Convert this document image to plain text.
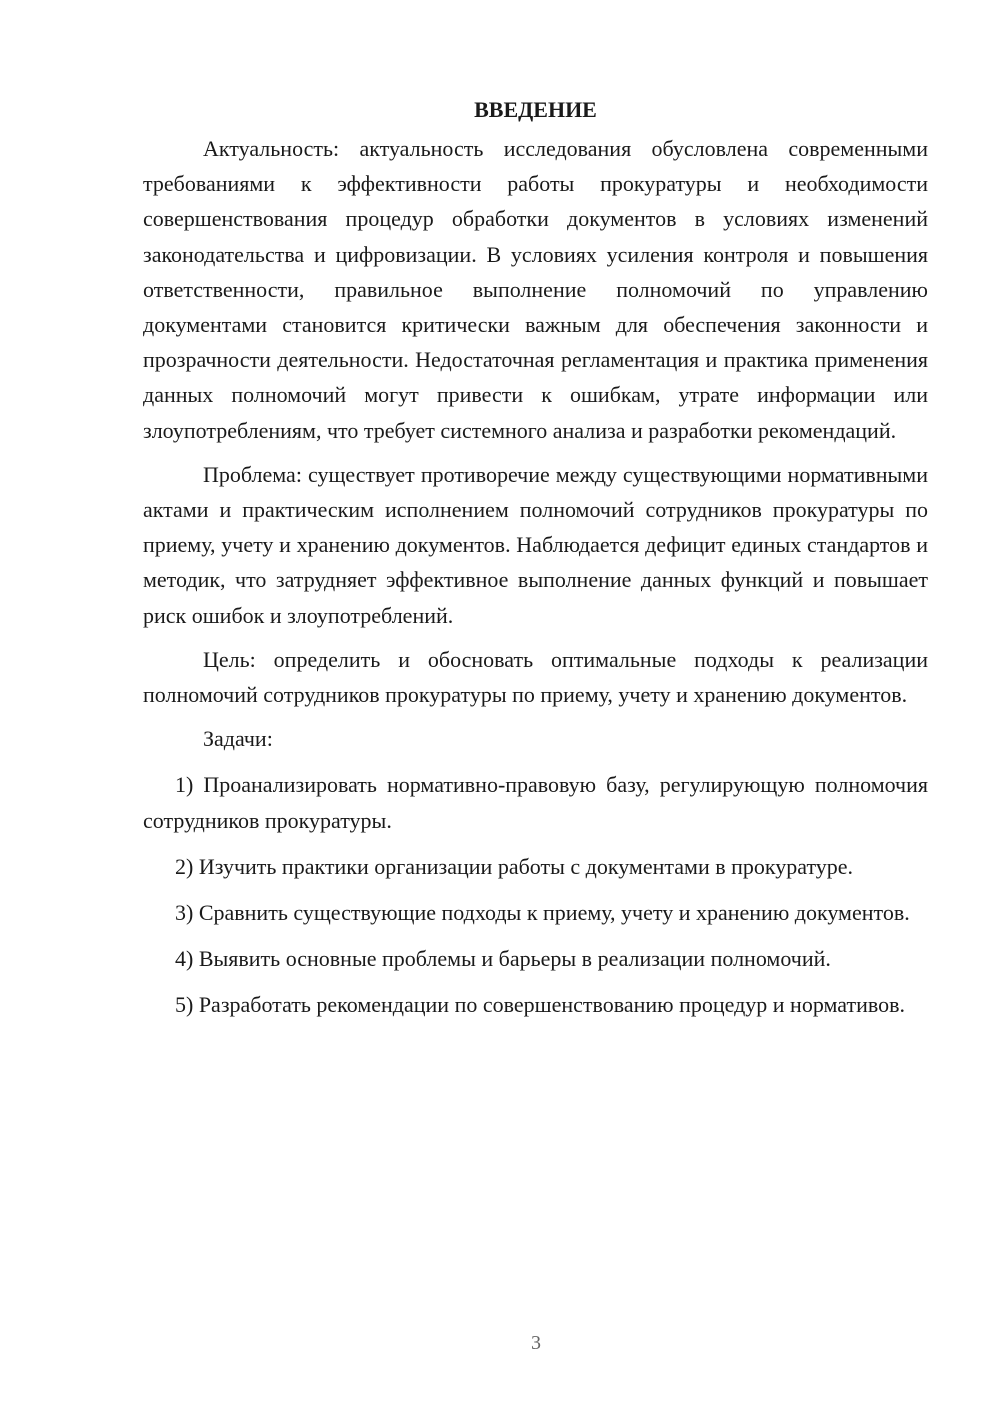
ВВЕДЕНИЕ

Актуальность: актуальность исследования обусловлена современными требованиями к эффективности работы прокуратуры и необходимости совершенствования процедур обработки документов в условиях изменений законодательства и цифровизации. В условиях усиления контроля и повышения ответственности, правильное выполнение полномочий по управлению документами становится критически важным для обеспечения законности и прозрачности деятельности. Недостаточная регламентация и практика применения данных полномочий могут привести к ошибкам, утрате информации или злоупотреблениям, что требует системного анализа и разработки рекомендаций.

Проблема: существует противоречие между существующими нормативными актами и практическим исполнением полномочий сотрудников прокуратуры по приему, учету и хранению документов. Наблюдается дефицит единых стандартов и методик, что затрудняет эффективное выполнение данных функций и повышает риск ошибок и злоупотреблений.

Цель: определить и обосновать оптимальные подходы к реализации полномочий сотрудников прокуратуры по приему, учету и хранению документов.

Задачи:

1) Проанализировать нормативно-правовую базу, регулирующую полномочия сотрудников прокуратуры.

2) Изучить практики организации работы с документами в прокуратуре.

3) Сравнить существующие подходы к приему, учету и хранению документов.

4) Выявить основные проблемы и барьеры в реализации полномочий.

5) Разработать рекомендации по совершенствованию процедур и нормативов.

3
